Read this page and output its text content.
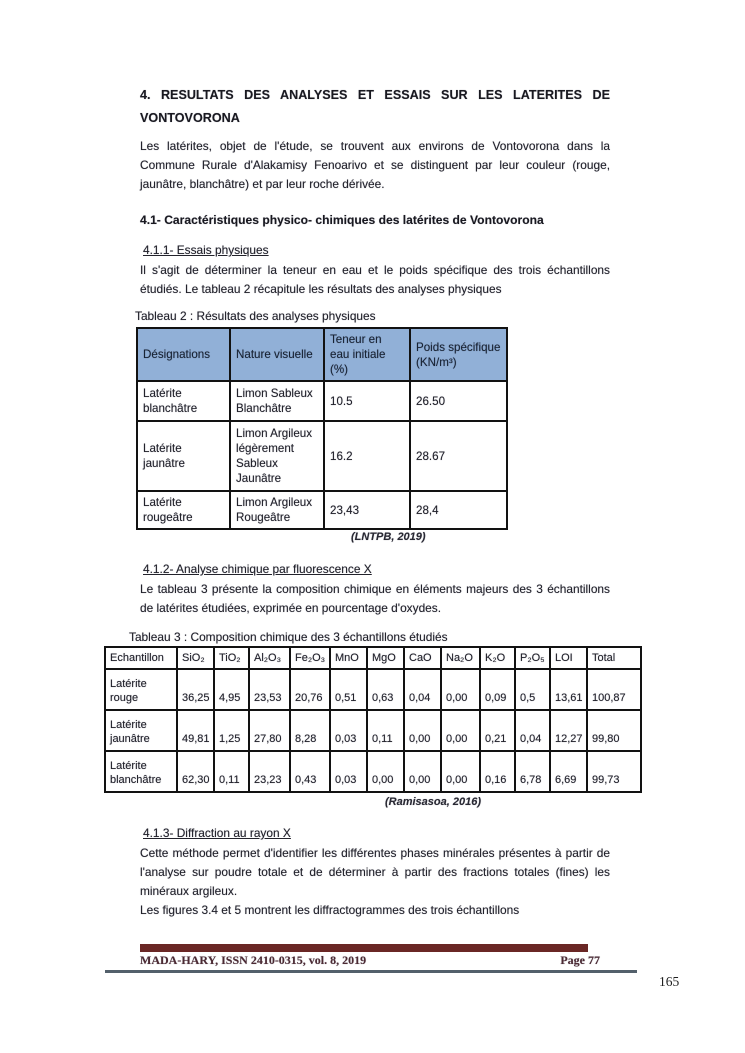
4. RESULTATS DES ANALYSES ET ESSAIS SUR LES LATERITES DE VONTOVORONA
Les latérites, objet de l'étude, se trouvent aux environs de Vontovorona dans la Commune Rurale d'Alakamisy Fenoarivo et se distinguent par leur couleur (rouge, jaunâtre, blanchâtre) et par leur roche dérivée.
4.1- Caractéristiques physico- chimiques des latérites de Vontovorona
4.1.1- Essais physiques
Il s'agit de déterminer la teneur en eau et le poids spécifique des trois échantillons étudiés. Le tableau 2 récapitule les résultats des analyses physiques
Tableau 2 : Résultats des analyses physiques
Désignations	Nature visuelle	Teneur en eau initiale (%)	Poids spécifique (KN/m³)
Latérite blanchâtre	Limon Sableux Blanchâtre	10.5	26.50
Latérite jaunâtre	Limon Argileux légèrement Sableux Jaunâtre	16.2	28.67
Latérite rougeâtre	Limon Argileux Rougeâtre	23,43	28,4
(LNTPB, 2019)
4.1.2- Analyse chimique par fluorescence X
Le tableau 3 présente la composition chimique en éléments majeurs des 3 échantillons de latérites étudiées, exprimée en pourcentage d'oxydes.
Tableau 3 : Composition chimique des 3 échantillons étudiés
Echantillon	SiO₂	TiO₂	Al₂O₃	Fe₂O₃	MnO	MgO	CaO	Na₂O	K₂O	P₂O₅	LOI	Total
Latérite rouge	36,25	4,95	23,53	20,76	0,51	0,63	0,04	0,00	0,09	0,5	13,61	100,87
Latérite jaunâtre	49,81	1,25	27,80	8,28	0,03	0,11	0,00	0,00	0,21	0,04	12,27	99,80
Latérite blanchâtre	62,30	0,11	23,23	0,43	0,03	0,00	0,00	0,00	0,16	6,78	6,69	99,73
(Ramisasoa, 2016)
4.1.3- Diffraction au rayon X
Cette méthode permet d'identifier les différentes phases minérales présentes à partir de l'analyse sur poudre totale et de déterminer à partir des fractions totales (fines) les minéraux argileux.
Les figures 3.4 et 5 montrent les diffractogrammes des trois échantillons
MADA-HARY, ISSN 2410-0315, vol. 8, 2019	Page 77
165
